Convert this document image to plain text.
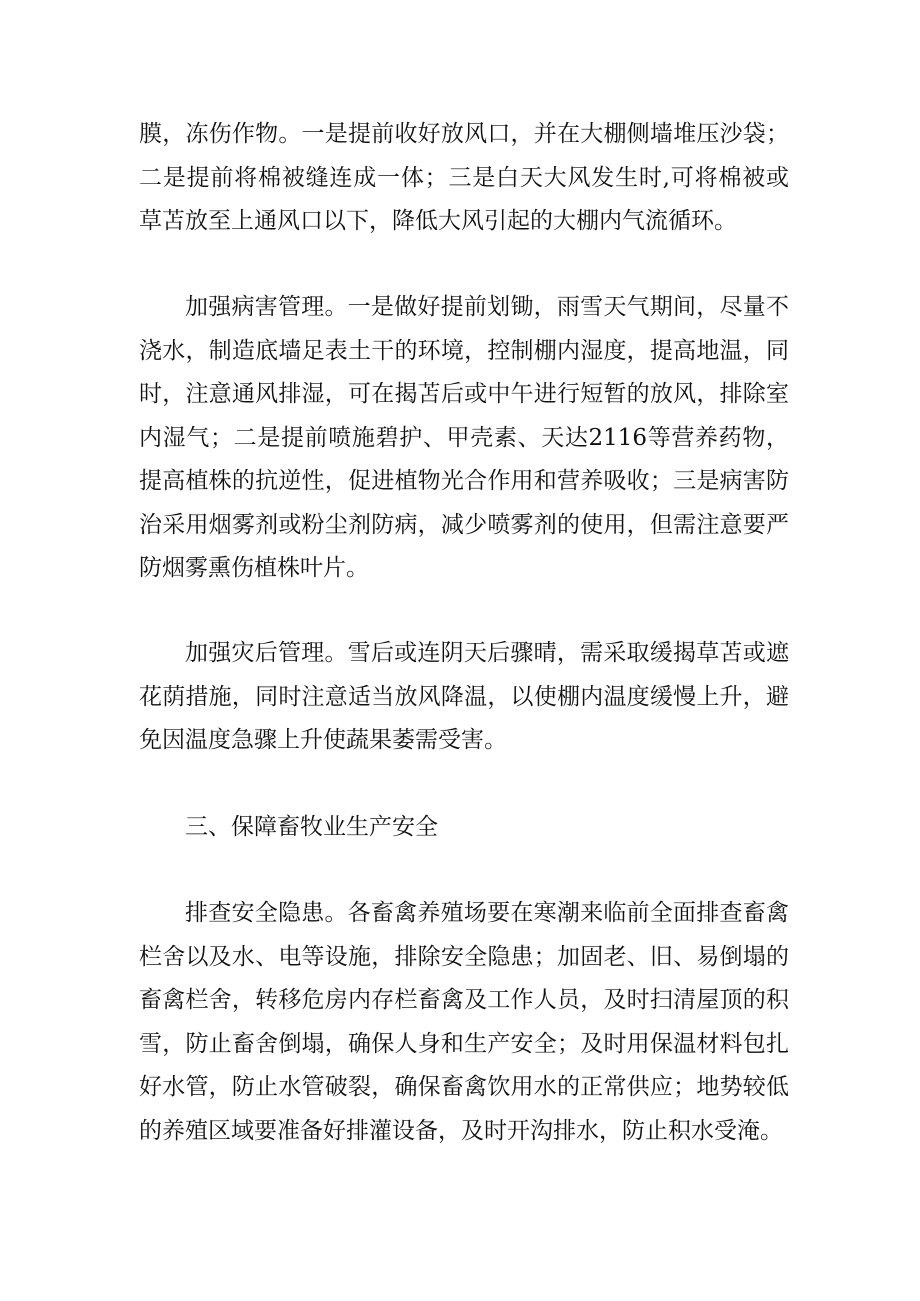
膜，冻伤作物。一是提前收好放风口，并在大棚侧墙堆压沙袋；二是提前将棉被缝连成一体；三是白天大风发生时,可将棉被或草苫放至上通风口以下，降低大风引起的大棚内气流循环。

加强病害管理。一是做好提前划锄，雨雪天气期间，尽量不浇水，制造底墙足表土干的环境，控制棚内湿度，提高地温，同时，注意通风排湿，可在揭苫后或中午进行短暂的放风，排除室内湿气；二是提前喷施碧护、甲壳素、天达2116等营养药物，提高植株的抗逆性，促进植物光合作用和营养吸收；三是病害防治采用烟雾剂或粉尘剂防病，减少喷雾剂的使用，但需注意要严防烟雾熏伤植株叶片。

加强灾后管理。雪后或连阴天后骤晴，需采取缓揭草苫或遮花荫措施，同时注意适当放风降温，以使棚内温度缓慢上升，避免因温度急骤上升使蔬果萎需受害。

三、保障畜牧业生产安全

排查安全隐患。各畜禽养殖场要在寒潮来临前全面排查畜禽栏舍以及水、电等设施，排除安全隐患；加固老、旧、易倒塌的畜禽栏舍，转移危房内存栏畜禽及工作人员，及时扫清屋顶的积雪，防止畜舍倒塌，确保人身和生产安全；及时用保温材料包扎好水管，防止水管破裂，确保畜禽饮用水的正常供应；地势较低的养殖区域要准备好排灌设备，及时开沟排水，防止积水受淹。
